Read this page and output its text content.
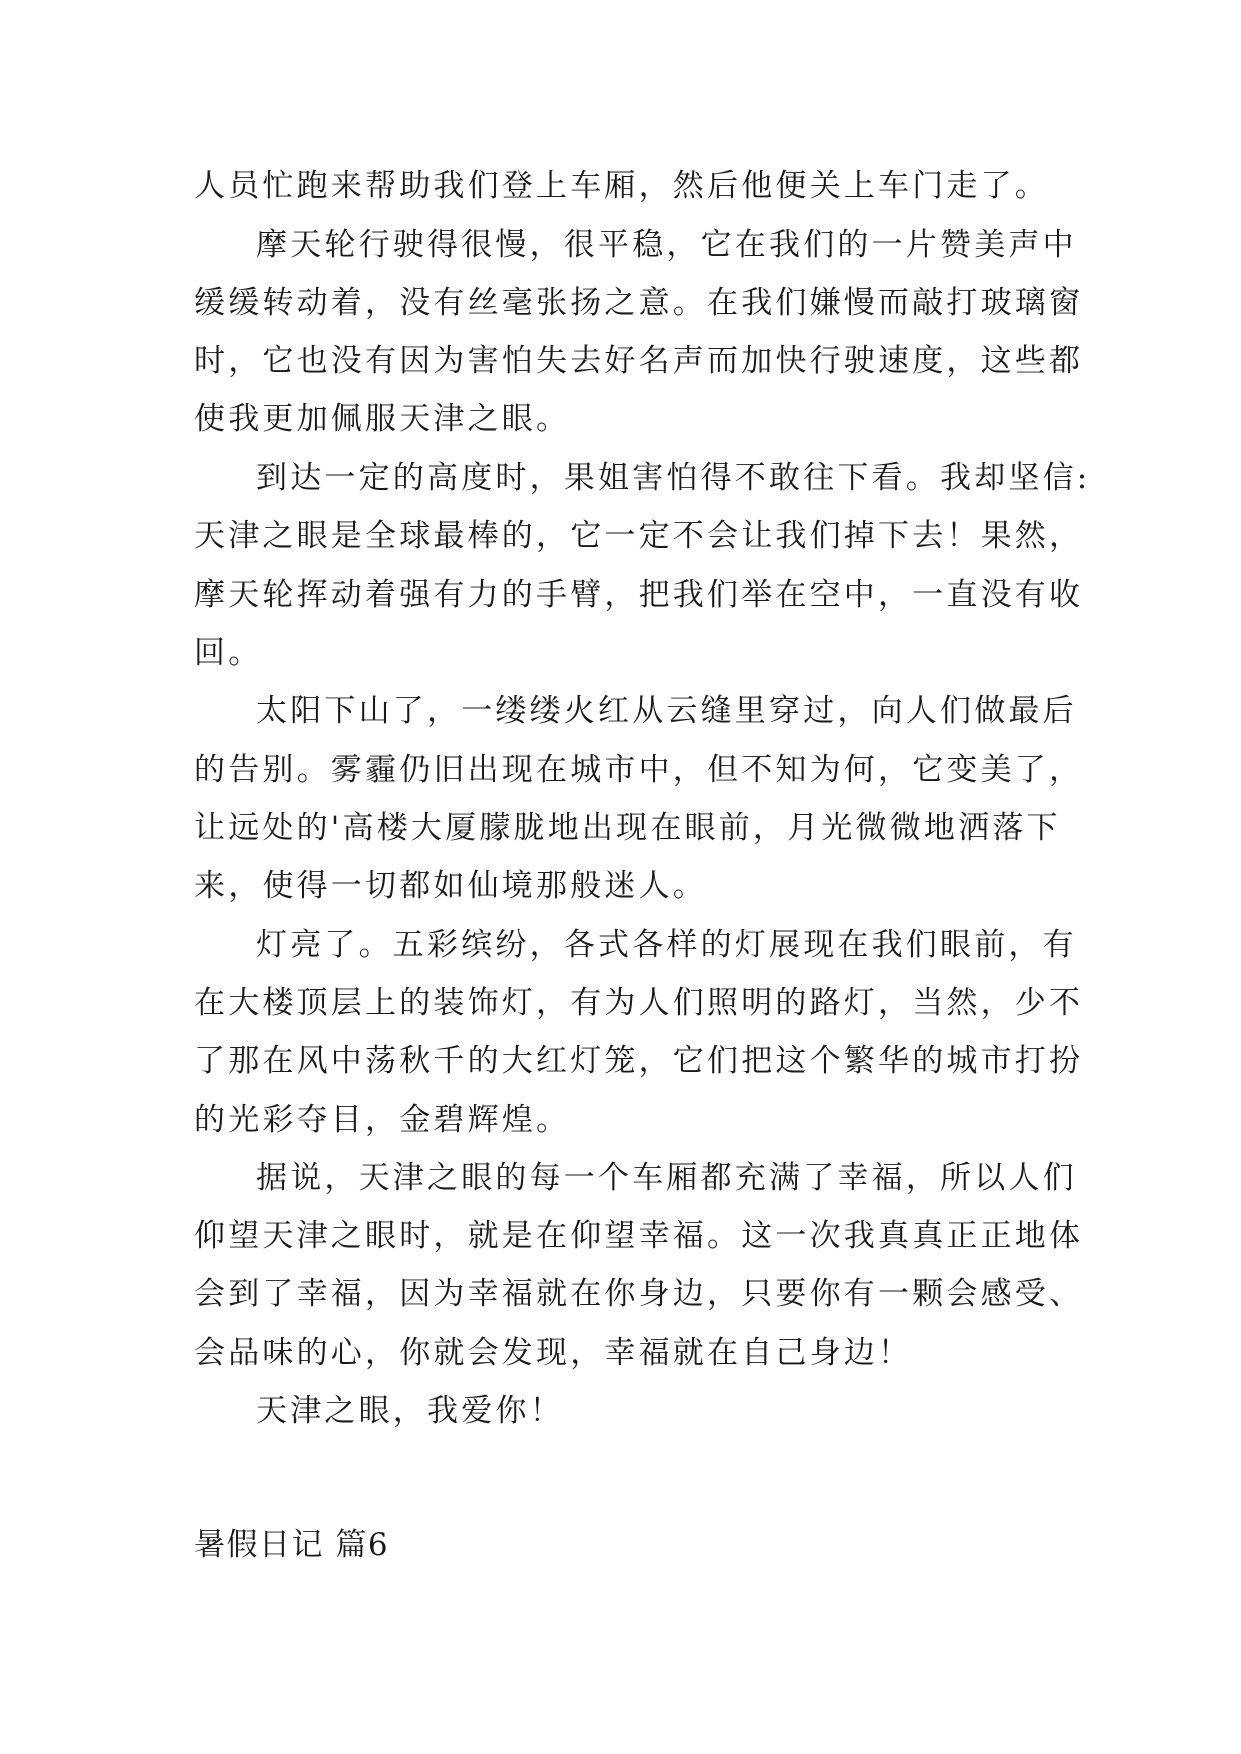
人员忙跑来帮助我们登上车厢，然后他便关上车门走了。
摩天轮行驶得很慢，很平稳，它在我们的一片赞美声中
缓缓转动着，没有丝毫张扬之意。在我们嫌慢而敲打玻璃窗
时，它也没有因为害怕失去好名声而加快行驶速度，这些都
使我更加佩服天津之眼。
到达一定的高度时，果姐害怕得不敢往下看。我却坚信:
天津之眼是全球最棒的，它一定不会让我们掉下去！果然，
摩天轮挥动着强有力的手臂，把我们举在空中，一直没有收
回。
太阳下山了，一缕缕火红从云缝里穿过，向人们做最后
的告别。雾霾仍旧出现在城市中，但不知为何，它变美了，
让远处的'高楼大厦朦胧地出现在眼前，月光微微地洒落下
来，使得一切都如仙境那般迷人。
灯亮了。五彩缤纷，各式各样的灯展现在我们眼前，有
在大楼顶层上的装饰灯，有为人们照明的路灯，当然，少不
了那在风中荡秋千的大红灯笼，它们把这个繁华的城市打扮
的光彩夺目，金碧辉煌。
据说，天津之眼的每一个车厢都充满了幸福，所以人们
仰望天津之眼时，就是在仰望幸福。这一次我真真正正地体
会到了幸福，因为幸福就在你身边，只要你有一颗会感受、
会品味的心，你就会发现，幸福就在自己身边！
天津之眼，我爱你！
暑假日记 篇6
